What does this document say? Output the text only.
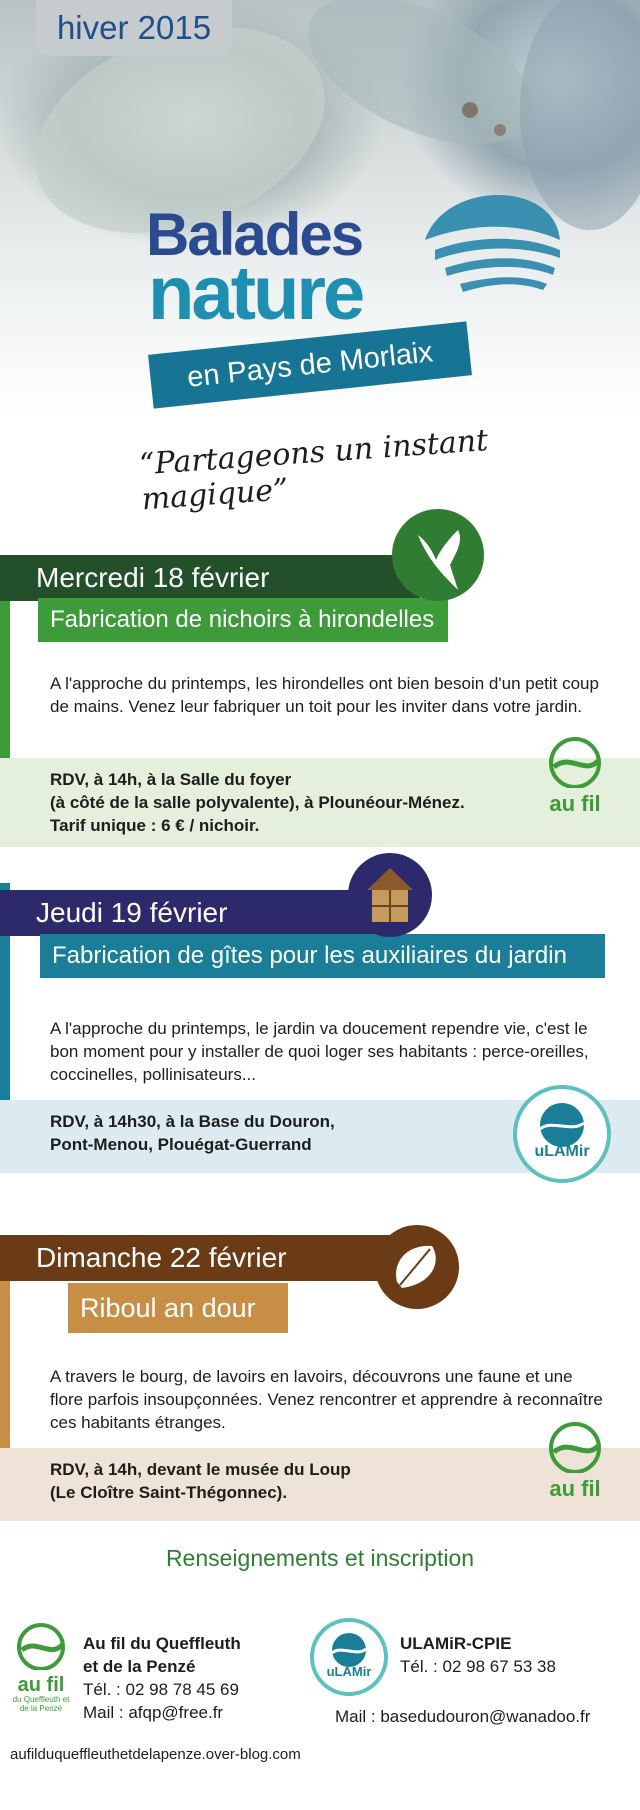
hiver 2015
Balades
nature
en Pays de Morlaix
“Partageons un instant magique”
Mercredi 18 février
Fabrication de nichoirs à hirondelles
A l'approche du printemps, les hirondelles ont bien besoin d'un petit coup de mains. Venez leur fabriquer un toit pour les inviter dans votre jardin.
RDV, à 14h, à la Salle du foyer
(à côté de la salle polyvalente), à Plounéour-Ménez.
Tarif unique : 6 € / nichoir.
au fil
Jeudi 19 février
Fabrication de gîtes pour les auxiliaires du jardin
A l'approche du printemps, le jardin va doucement rependre vie, c'est le bon moment pour y installer de quoi loger ses habitants : perce-oreilles, coccinelles, pollinisateurs...
RDV, à 14h30, à la Base du Douron,
Pont-Menou, Plouégat-Guerrand	uLAMir
Dimanche 22 février
Riboul an dour
A travers le bourg, de lavoirs en lavoirs, découvrons une faune et une flore parfois insoupçonnées. Venez rencontrer et apprendre à reconnaître ces habitants étranges.
RDV, à 14h, devant le musée du Loup
(Le Cloître Saint-Thégonnec).	au fil
Renseignements et inscription
au fil
du Queffleuth et de la Penzé
Au fil du Queffleuth
et de la Penzé
Tél. : 02 98 78 45 69
Mail : afqp@free.fr
uLAMir
ULAMiR-CPIE
Tél. : 02 98 67 53 38
Mail : basedudouron@wanadoo.fr
aufilduqueffleuthetdelapenze.over-blog.com
